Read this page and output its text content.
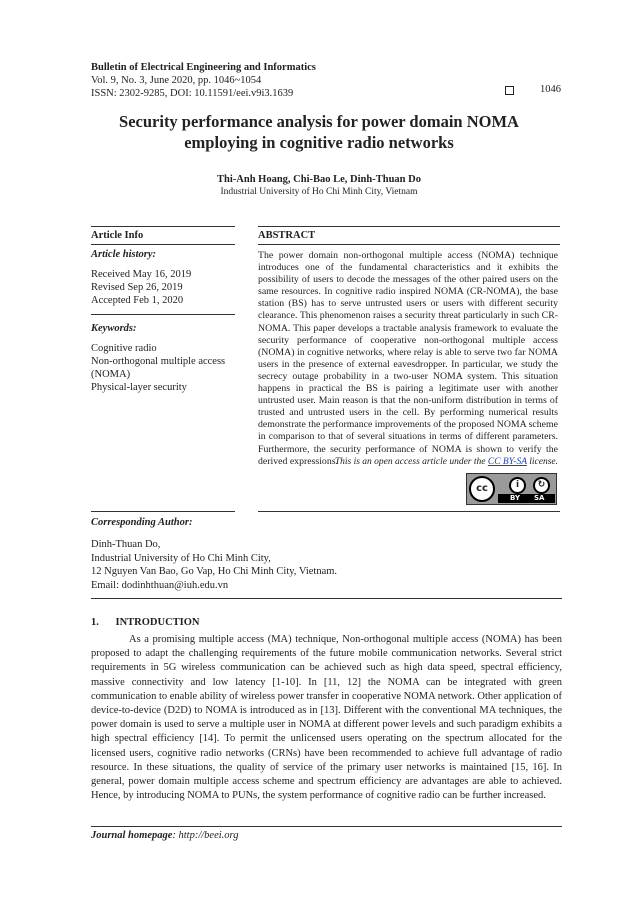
Bulletin of Electrical Engineering and Informatics
Vol. 9, No. 3, June 2020, pp. 1046~1054
ISSN: 2302-9285, DOI: 10.11591/eei.v9i3.1639	1046
Security performance analysis for power domain NOMA
employing in cognitive radio networks
Thi-Anh Hoang, Chi-Bao Le, Dinh-Thuan Do
Industrial University of Ho Chi Minh City, Vietnam
Article Info
Article history:
Received May 16, 2019
Revised Sep 26, 2019
Accepted Feb 1, 2020
Keywords:
Cognitive radio
Non-orthogonal multiple access
(NOMA)
Physical-layer security
ABSTRACT
The power domain non-orthogonal multiple access (NOMA) technique introduces one of the fundamental characteristics and it exhibits the possibility of users to decode the messages of the other paired users on the same resources. In cognitive radio inspired NOMA (CR-NOMA), the base station (BS) has to serve untrusted users or users with different security clearance. This phenomenon raises a security threat particularly in such CR-NOMA. This paper develops a tractable analysis framework to evaluate the security performance of cooperative non-orthogonal multiple access (NOMA) in cognitive networks, where relay is able to serve two far NOMA users in the presence of external eavesdropper. In particular, we study the secrecy outage probability in a two-user NOMA system. This situation happens in practical the BS is pairing a legitimate user with another untrusted user. Main reason is that the non-uniform distribution in terms of trusted and untrusted users in the cell. By performing numerical results demonstrate the performance improvements of the proposed NOMA scheme in comparison to that of several situations in terms of different parameters. Furthermore, the security performance of NOMA is shown to verify the derived expressions.
This is an open access article under the CC BY-SA license.
cc	i	↻
BY SA
Corresponding Author:
Dinh-Thuan Do,
Industrial University of Ho Chi Minh City,
12 Nguyen Van Bao, Go Vap, Ho Chi Minh City, Vietnam.
Email: dodinhthuan@iuh.edu.vn
1. INTRODUCTION

As a promising multiple access (MA) technique, Non-orthogonal multiple access (NOMA) has been proposed to adapt the challenging requirements of the future mobile communication networks. Several strict requirements in 5G wireless communication can be achieved such as high data speed, spectral efficiency, massive connectivity and low latency [1-10]. In [11, 12] the NOMA can be integrated with green communication to enable ability of wireless power transfer in cooperative NOMA network. Other application of device-to-device (D2D) to NOMA is introduced as in [13]. Different with the conventional MA techniques, the power domain is used to serve a multiple user in NOMA at different power levels and such paradigm exhibits a high spectral efficiency [14]. To permit the unlicensed users operating on the spectrum allocated for the licensed users, cognitive radio networks (CRNs) have been recommended to achieve full advantage of radio resource. In these situations, the quality of service of the primary user networks is maintained [15, 16]. In general, power domain multiple access scheme and spectrum efficiency are advantages are able to achieved. Hence, by introducing NOMA to PUNs, the system performance of cognitive radio can be further increased.

Journal homepage: http://beei.org
